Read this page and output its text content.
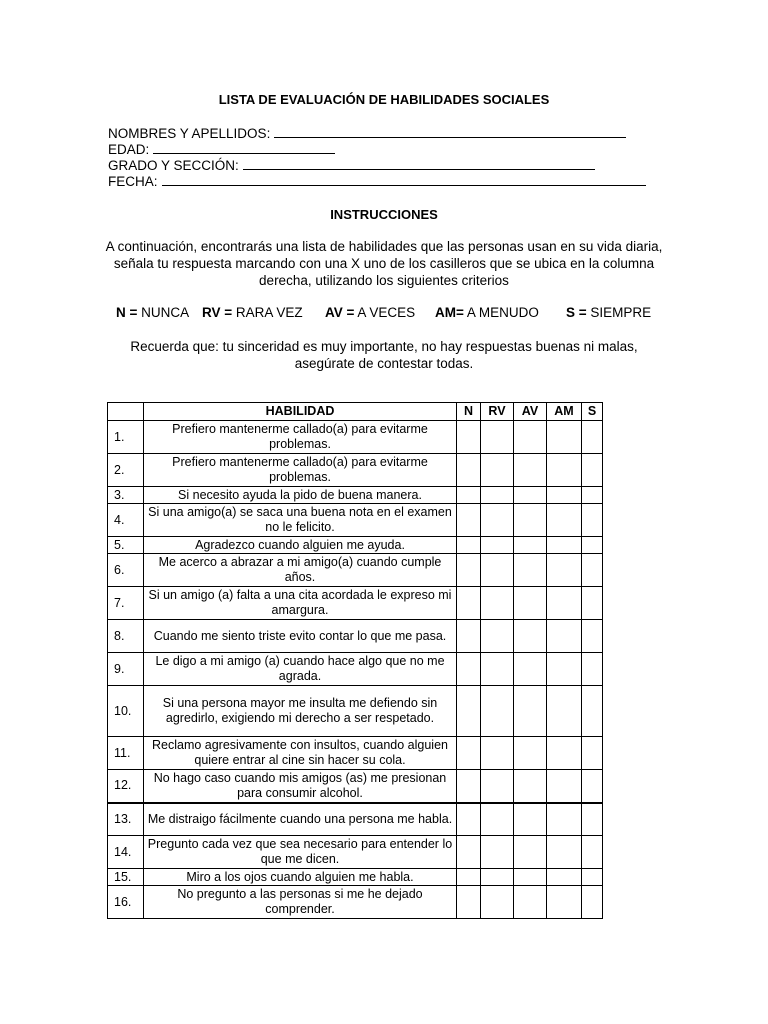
LISTA DE EVALUACIÓN DE HABILIDADES SOCIALES
NOMBRES Y APELLIDOS:
EDAD:
GRADO Y SECCIÓN:
FECHA:
INSTRUCCIONES
A continuación, encontrarás una lista de habilidades que las personas usan en su vida diaria, señala tu respuesta marcando con una X uno de los casilleros que se ubica en la columna derecha, utilizando los siguientes criterios
N = NUNCA RV = RARA VEZ AV = A VECES AM= A MENUDO S = SIEMPRE
Recuerda que: tu sinceridad es muy importante, no hay respuestas buenas ni malas, asegúrate de contestar todas.
	HABILIDAD	N	RV	AV	AM	S
1.	Prefiero mantenerme callado(a) para evitarme problemas.					
2.	Prefiero mantenerme callado(a) para evitarme problemas.					
3.	Si necesito ayuda la pido de buena manera.					
4.	Si una amigo(a) se saca una buena nota en el examen no le felicito.					
5.	Agradezco cuando alguien me ayuda.					
6.	Me acerco a abrazar a mi amigo(a) cuando cumple años.					
7.	Si un amigo (a) falta a una cita acordada le expreso mi amargura.					
8.	Cuando me siento triste evito contar lo que me pasa.					
9.	Le digo a mi amigo (a) cuando hace algo que no me agrada.					
10.	Si una persona mayor me insulta me defiendo sin agredirlo, exigiendo mi derecho a ser respetado.					
11.	Reclamo agresivamente con insultos, cuando alguien quiere entrar al cine sin hacer su cola.					
12.	No hago caso cuando mis amigos (as) me presionan para consumir alcohol.					
13.	Me distraigo fácilmente cuando una persona me habla.					
14.	Pregunto cada vez que sea necesario para entender lo que me dicen.					
15.	Miro a los ojos cuando alguien me habla.					
16.	No pregunto a las personas si me he dejado comprender.					
